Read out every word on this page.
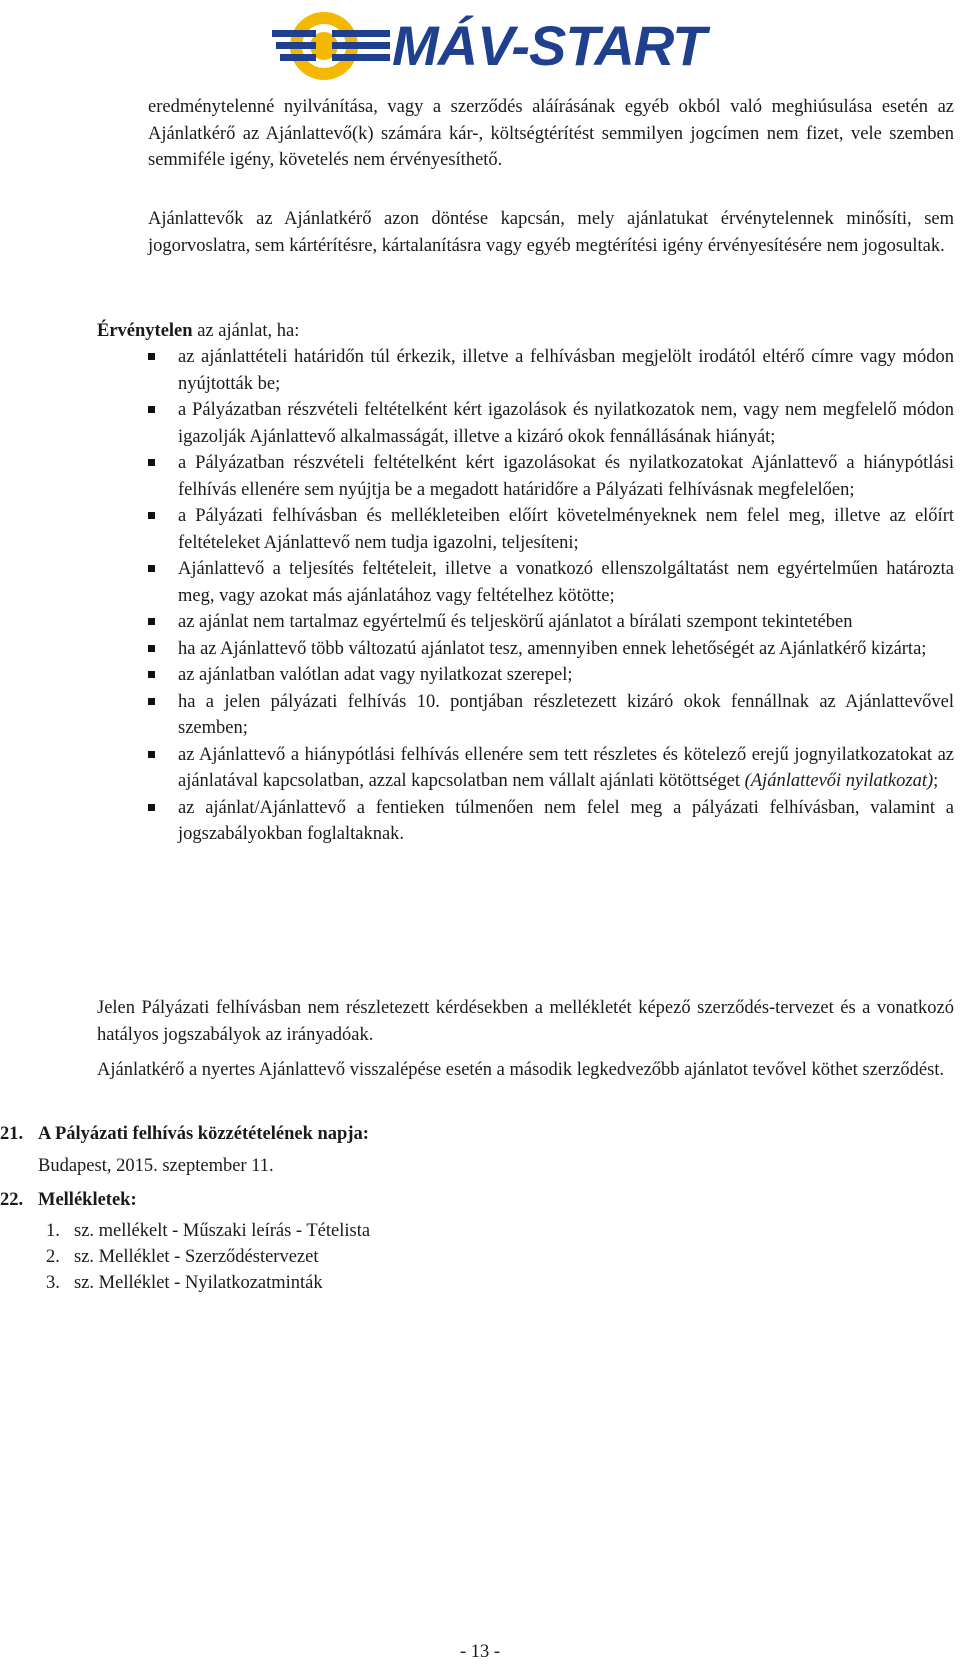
MÁV-START
eredménytelenné nyilvánítása, vagy a szerződés aláírásának egyéb okból való meghiúsulása esetén az Ajánlatkérő az Ajánlattevő(k) számára kár-, költségtérítést semmilyen jogcímen nem fizet, vele szemben semmiféle igény, követelés nem érvényesíthető.
Ajánlattevők az Ajánlatkérő azon döntése kapcsán, mely ajánlatukat érvénytelennek minősíti, sem jogorvoslatra, sem kártérítésre, kártalanításra vagy egyéb megtérítési igény érvényesítésére nem jogosultak.
Érvénytelen az ajánlat, ha:
az ajánlattételi határidőn túl érkezik, illetve a felhívásban megjelölt irodától eltérő címre vagy módon nyújtották be;
a Pályázatban részvételi feltételként kért igazolások és nyilatkozatok nem, vagy nem megfelelő módon igazolják Ajánlattevő alkalmasságát, illetve a kizáró okok fennállásának hiányát;
a Pályázatban részvételi feltételként kért igazolásokat és nyilatkozatokat Ajánlattevő a hiánypótlási felhívás ellenére sem nyújtja be a megadott határidőre a Pályázati felhívásnak megfelelően;
a Pályázati felhívásban és mellékleteiben előírt követelményeknek nem felel meg, illetve az előírt feltételeket Ajánlattevő nem tudja igazolni, teljesíteni;
Ajánlattevő a teljesítés feltételeit, illetve a vonatkozó ellenszolgáltatást nem egyértelműen határozta meg, vagy azokat más ajánlatához vagy feltételhez kötötte;
az ajánlat nem tartalmaz egyértelmű és teljeskörű ajánlatot a bírálati szempont tekintetében
ha az Ajánlattevő több változatú ajánlatot tesz, amennyiben ennek lehetőségét az Ajánlatkérő kizárta;
az ajánlatban valótlan adat vagy nyilatkozat szerepel;
ha a jelen pályázati felhívás 10. pontjában részletezett kizáró okok fennállnak az Ajánlattevővel szemben;
az Ajánlattevő a hiánypótlási felhívás ellenére sem tett részletes és kötelező erejű jognyilatkozatokat az ajánlatával kapcsolatban, azzal kapcsolatban nem vállalt ajánlati kötöttséget (Ajánlattevői nyilatkozat);
az ajánlat/Ajánlattevő a fentieken túlmenően nem felel meg a pályázati felhívásban, valamint a jogszabályokban foglaltaknak.
Jelen Pályázati felhívásban nem részletezett kérdésekben a mellékletét képező szerződés-tervezet és a vonatkozó hatályos jogszabályok az irányadóak.
Ajánlatkérő a nyertes Ajánlattevő visszalépése esetén a második legkedvezőbb ajánlatot tevővel köthet szerződést.
21. A Pályázati felhívás közzétételének napja:
Budapest, 2015. szeptember 11.
22. Mellékletek:
1. sz. mellékelt - Műszaki leírás - Tételista
2. sz. Melléklet - Szerződéstervezet
3. sz. Melléklet - Nyilatkozatminták
- 13 -
